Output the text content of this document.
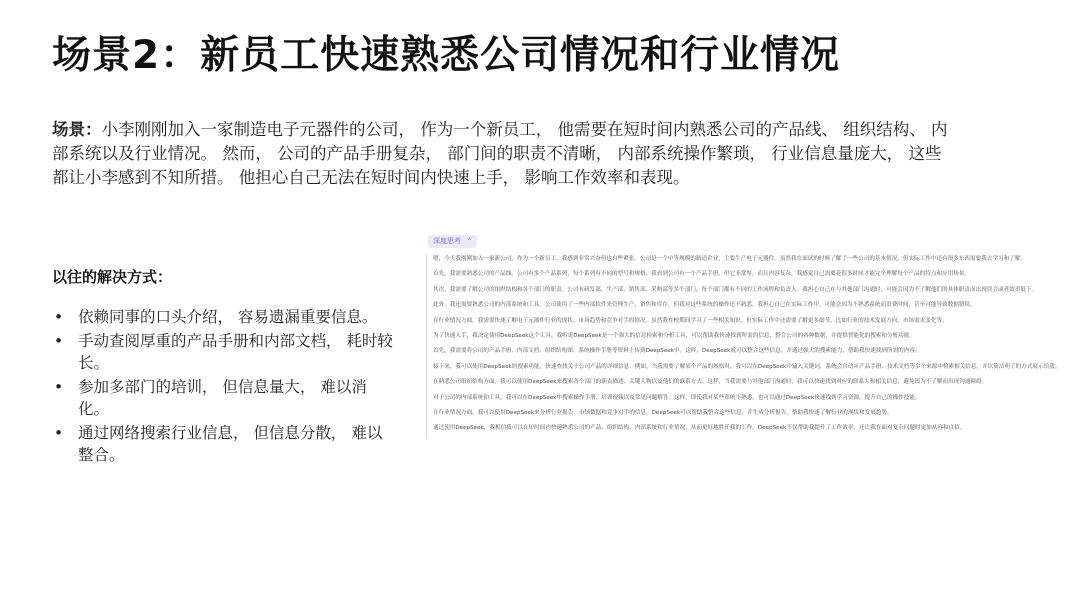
场景2：新员工快速熟悉公司情况和行业情况
场景：小李刚刚加入一家制造电子元器件的公司， 作为一个新员工， 他需要在短时间内熟悉公司的产品线、 组织结构、 内部系统以及行业情况。 然而， 公司的产品手册复杂， 部门间的职责不清晰， 内部系统操作繁琐， 行业信息量庞大， 这些都让小李感到不知所措。 他担心自己无法在短时间内快速上手， 影响工作效率和表现。
以往的解决方式：
• 依赖同事的口头介绍， 容易遗漏重要信息。
• 手动查阅厚重的产品手册和内部文档， 耗时较长。
• 参加多部门的培训， 但信息量大， 难以消化。
• 通过网络搜索行业信息， 但信息分散， 难以整合。
深度思考 ^

嗯，今天我刚刚加入一家新公司，作为一个新员工，我感到非常兴奋但也有些紧张。公司是一个中等规模的制造企业，主要生产电子元器件。虽然我在面试的时候了解了一些公司的基本情况，但实际工作中还有很多东西需要我去学习和了解。

首先，我需要熟悉公司的产品线。公司有多个产品系列，每个系列有不同的型号和规格。我看到公司有一个产品手册，但它非常厚，而且内容复杂，我感觉自己需要花很多时间才能完全理解每个产品的特点和应用场景。

其次，我需要了解公司的组织结构和各个部门的职责。公司有研发部、生产部、销售部、采购部等多个部门，每个部门都有不同的工作流程和负责人。我担心自己在与其他部门沟通时，可能会因为不了解他们的具体职责而出现误会或者效率低下。

此外，我还需要熟悉公司的内部系统和工具。公司使用了一些内部软件来管理生产、销售和库存，但我对这些系统的操作还不熟悉。我担心自己在实际工作中，可能会因为不熟悉系统而浪费时间，甚至可能导致数据错误。

在行业情况方面，我需要快速了解电子元器件行业的现状、市场趋势和竞争对手的情况。虽然我在校期间学习了一些相关知识，但实际工作中还需要了解更多细节，比如行业的技术发展方向、市场需求变化等。

为了快速入手，我决定使用DeepSeek这个工具。我听说DeepSeek是一个强大的信息检索和分析工具，可以帮助我快速找到所需的信息，整合公司的各种数据，并提供智能化的搜索和分析功能。

首先，我需要将公司的产品手册、内部文档、组织结构图、系统操作手册等资料上传到DeepSeek中。这样，DeepSeek就可以整合这些信息，并通过强大的搜索能力，帮助我快速找到所需的内容。

接下来，我可以使用DeepSeek的搜索功能，快速查找关于公司产品的详细信息。例如，当我需要了解某个产品的规格时，我可以在DeepSeek中输入关键词，系统会自动从产品手册、技术文档等多个来源中检索相关信息，并以简洁明了的方式展示给我。

在熟悉公司组织结构方面，我可以使用DeepSeek来搜索各个部门的职责描述、关键人物以及他们的联系方式。这样，当我需要与其他部门沟通时，我可以快速找到对应的联系人和相关信息，避免因为不了解而出现沟通障碍。

对于公司的内部系统和工具，我可以在DeepSeek中搜索操作手册、培训视频以及常见问题解答。这样，即使我对某些系统不熟悉，也可以通过DeepSeek快速找到学习资源，提升自己的操作技能。

在行业情况方面，我可以使用DeepSeek来分析行业报告、市场数据和竞争对手的信息。DeepSeek可以帮助我整合这些信息，并生成分析报告，帮助我快速了解行业的现状和发展趋势。

通过使用DeepSeek，我相信我可以在短时间内快速熟悉公司的产品、组织结构、内部系统和行业情况，从而更好地胜任我的工作。DeepSeek不仅帮助我提升了工作效率，还让我在面对复杂问题时更加从容和自信。
